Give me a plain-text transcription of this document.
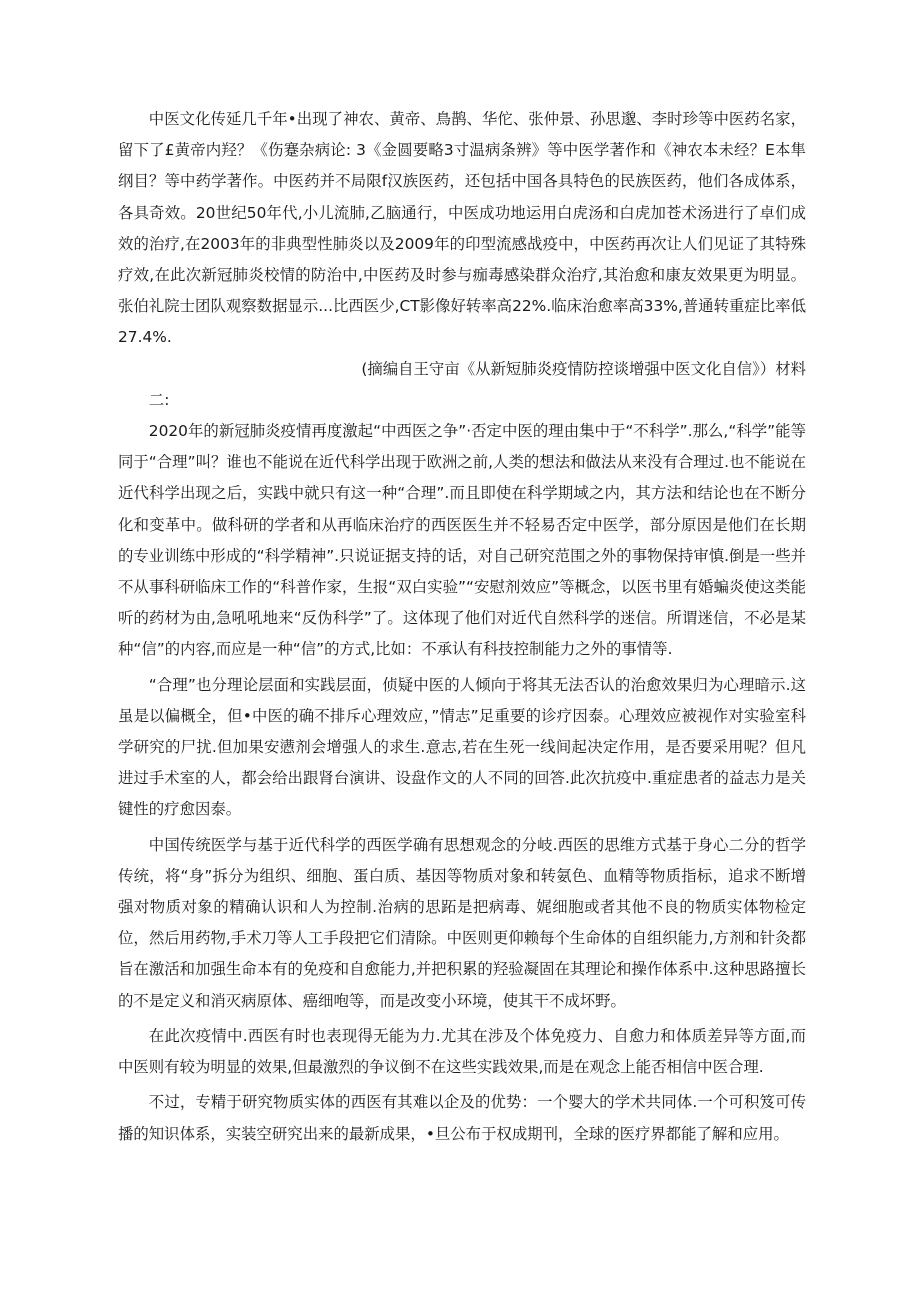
中医文化传延几千年•出现了神农、黄帝、鳥鹊、华佗、张仲景、孙思邈、李时珍等中医药名家，留下了£黄帝内羟？《伤蹇杂病论: 3《金圆要略3寸温病条辨》等中医学著作和《神农本未经？E本隼纲目？等中药学著作。中医药并不局限f汉族医药，还包括中国各具特色的民族医药，他们各成体系，各具奇效。20世纪50年代,小儿流肺,乙脑通行，中医成功地运用白虎汤和白虎加苍术汤进行了卓们成效的治疗,在2003年的非典型性肺炎以及2009年的印型流感战疫中，中医药再次让人们见证了其特殊疗效,在此次新冠肺炎校情的防治中,中医药及时参与痂毒感染群众治疗,其治愈和康友效果更为明显。张伯礼院士团队观察数据显示...比西医少,CT影像好转率高22%.临床治愈率高33%,普通转重症比率低27.4%.

(摘编自王守亩《从新短肺炎疫情防控谈增强中医文化自信》）材料

二:

2020年的新冠肺炎疫情再度激起“中西医之争”·否定中医的理由集中于“不科学”.那么,“科学”能等同于“合理”叫？谁也不能说在近代科学出现于欧洲之前,人类的想法和做法从来没有合理过.也不能说在近代科学出现之后，实践中就只有这一种“合理”.而且即使在科学期域之内，其方法和结论也在不断分化和变革中。做科研的学者和从再临床治疗的西医医生并不轻易否定中医学，部分原因是他们在长期的专业训练中形成的“科学精神”.只说证据支持的话，对自己研究范围之外的事物保持审慎.倒是一些并不从事科研临床工作的“科普作家，生报“双白实验”“安慰剂效应”等概念，以医书里有婚蝙炎使这类能听的药材为由,急吼吼地来“反伪科学”了。这体现了他们对近代自然科学的迷信。所谓迷信，不必是某种“信”的内容,而应是一种“信”的方式,比如：不承认有科技控制能力之外的事情等.

“合理”也分理论层面和实践层面，侦疑中医的人倾向于将其无法否认的治愈效果归为心理暗示.这虽是以偏概全，但•中医的确不排斥心理效应，”情志”足重要的诊疗因泰。心理效应被视作对实验室科学研究的尸扰.但加果安懑剂会增强人的求生.意志,若在生死一线间起决定作用，是否要采用呢？但凡进过手术室的人，都会给出跟肾台演讲、设盘作文的人不同的回答.此次抗疫中.重症患者的益志力是关键性的疗愈因泰。

中国传统医学与基于近代科学的西医学确有思想观念的分岐.西医的思维方式基于身心二分的哲学传统，将“身”拆分为组织、细胞、蛋白质、基因等物质对象和转氨色、血精等物质指标，追求不断增强对物质对象的精确认识和人为控制.治病的思跖是把病毒、娓细胞或者其他不良的物质实体物检定位，然后用药物,手术刀等人工手段把它们清除。中医则更仰赖每个生命体的自组织能力,方剂和针灸都旨在激活和加强生命本有的免疫和自愈能力,并把积累的羟验凝固在其理论和操作体系中.这种思路擅长的不是定义和消灭病原体、癌细咆等，而是改变小环境，使其干不成坏野。

在此次疫情中.西医有时也表现得无能为力.尤其在涉及个体免疫力、自愈力和体质差异等方面,而中医则有较为明显的效果,但最激烈的争议倒不在这些实践效果,而是在观念上能否相信中医合理.

不过，专精于研究物质实体的西医有其难以企及的优势：一个婴大的学术共同体.一个可积笈可传播的知识体系，实装空研究出来的最新成果，•旦公布于权成期刊，全球的医疗界都能了解和应用。
